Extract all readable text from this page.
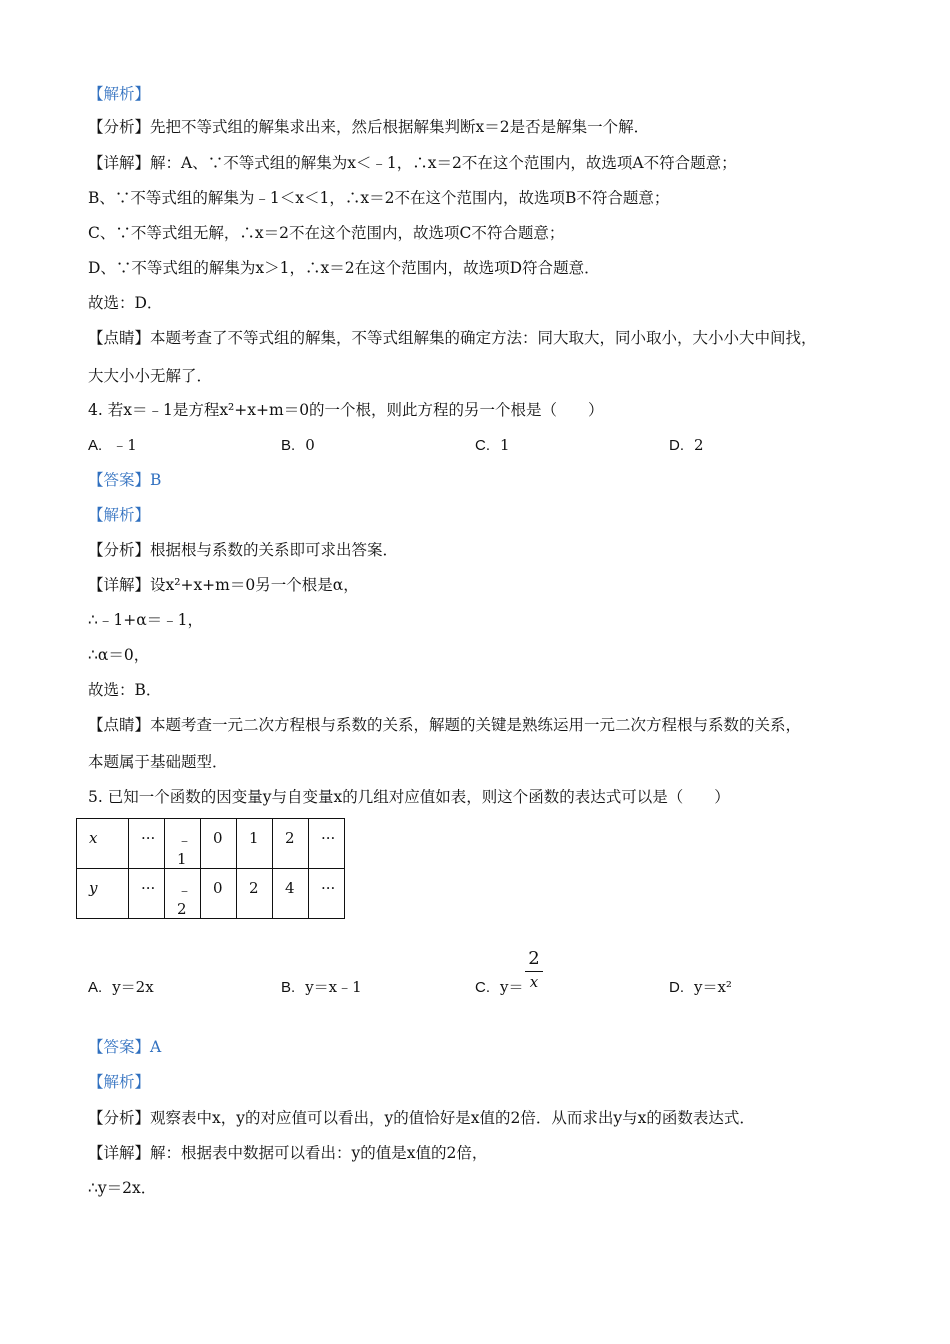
【解析】
【分析】先把不等式组的解集求出来，然后根据解集判断x＝2是否是解集一个解．
【详解】解：A、∵不等式组的解集为x＜﹣1，∴x＝2不在这个范围内，故选项A不符合题意；
B、∵不等式组的解集为﹣1＜x＜1，∴x＝2不在这个范围内，故选项B不符合题意；
C、∵不等式组无解，∴x＝2不在这个范围内，故选项C不符合题意；
D、∵不等式组的解集为x＞1，∴x＝2在这个范围内，故选项D符合题意．
故选：D．
【点睛】本题考查了不等式组的解集，不等式组解集的确定方法：同大取大，同小取小，大小小大中间找，
大大小小无解了．
4. 若x＝﹣1是方程x²+x+m＝0的一个根，则此方程的另一个根是（　　）
A. ﹣1	B. 0	C. 1	D. 2
【答案】B
【解析】
【分析】根据根与系数的关系即可求出答案．
【详解】设x²+x+m＝0另一个根是α，
∴﹣1+α＝﹣1，
∴α＝0，
故选：B．
【点睛】本题考查一元二次方程根与系数的关系，解题的关键是熟练运用一元二次方程根与系数的关系，
本题属于基础题型．
5. 已知一个函数的因变量y与自变量x的几组对应值如表，则这个函数的表达式可以是（　　）
x	···	﹣1	0	1	2	···
y	···	﹣2	0	2	4	···
A. y＝2x	B. y＝x﹣1	C. y＝
2
x	D. y＝x²
【答案】A
【解析】
【分析】观察表中x，y的对应值可以看出，y的值恰好是x值的2倍．从而求出y与x的函数表达式．
【详解】解：根据表中数据可以看出：y的值是x值的2倍，
∴y＝2x．
